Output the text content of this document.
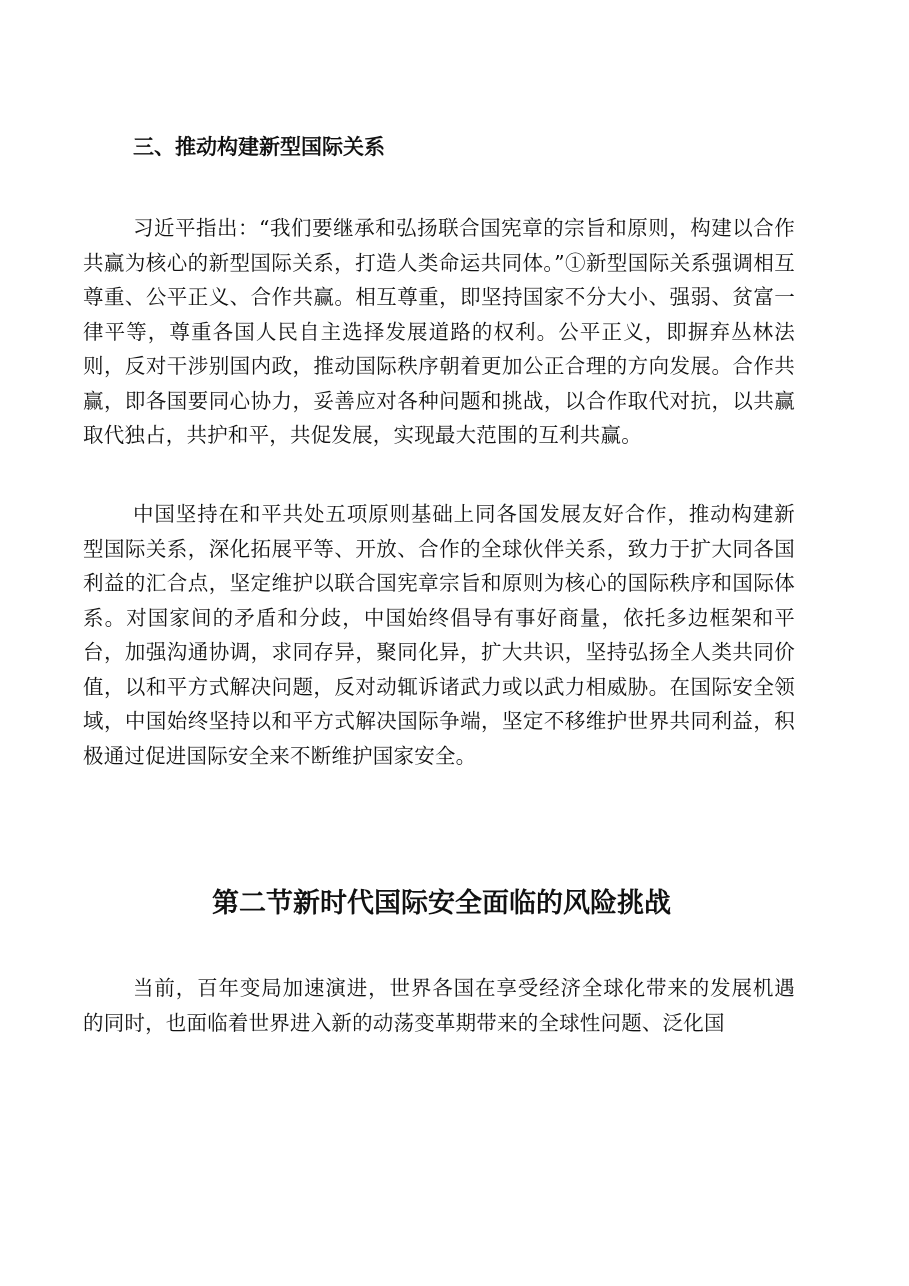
三、推动构建新型国际关系

习近平指出：“我们要继承和弘扬联合国宪章的宗旨和原则，构建以合作共赢为核心的新型国际关系，打造人类命运共同体。”①新型国际关系强调相互尊重、公平正义、合作共赢。相互尊重，即坚持国家不分大小、强弱、贫富一律平等，尊重各国人民自主选择发展道路的权利。公平正义，即摒弃丛林法则，反对干涉别国内政，推动国际秩序朝着更加公正合理的方向发展。合作共赢，即各国要同心协力，妥善应对各种问题和挑战，以合作取代对抗，以共赢取代独占，共护和平，共促发展，实现最大范围的互利共赢。

中国坚持在和平共处五项原则基础上同各国发展友好合作，推动构建新型国际关系，深化拓展平等、开放、合作的全球伙伴关系，致力于扩大同各国利益的汇合点，坚定维护以联合国宪章宗旨和原则为核心的国际秩序和国际体系。对国家间的矛盾和分歧，中国始终倡导有事好商量，依托多边框架和平台，加强沟通协调，求同存异，聚同化异，扩大共识，坚持弘扬全人类共同价值，以和平方式解决问题，反对动辄诉诸武力或以武力相威胁。在国际安全领域，中国始终坚持以和平方式解决国际争端，坚定不移维护世界共同利益，积极通过促进国际安全来不断维护国家安全。

第二节新时代国际安全面临的风险挑战

当前，百年变局加速演进，世界各国在享受经济全球化带来的发展机遇的同时，也面临着世界进入新的动荡变革期带来的全球性问题、泛化国
